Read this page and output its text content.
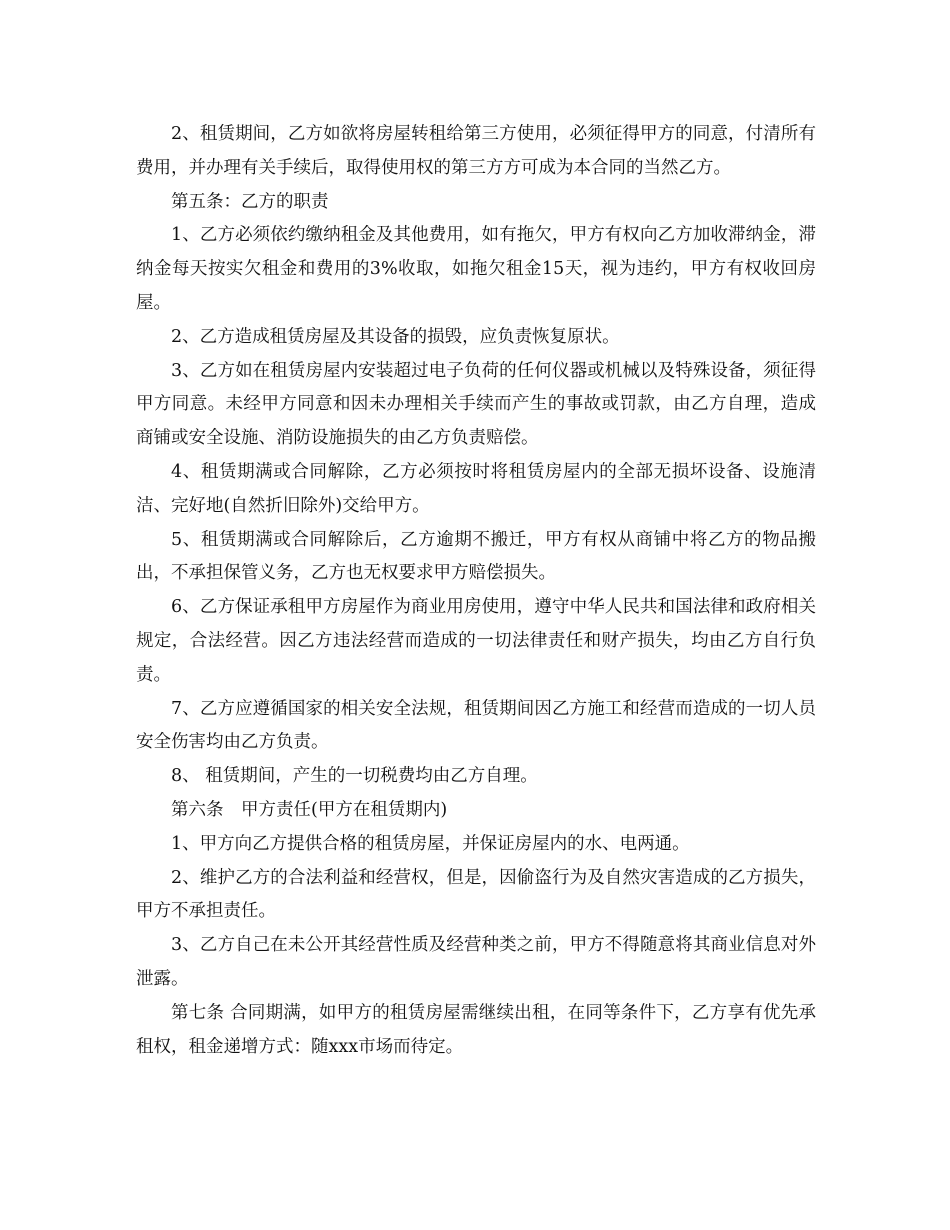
2、租赁期间，乙方如欲将房屋转租给第三方使用，必须征得甲方的同意，付清所有费用，并办理有关手续后，取得使用权的第三方方可成为本合同的当然乙方。

第五条：乙方的职责

1、乙方必须依约缴纳租金及其他费用，如有拖欠，甲方有权向乙方加收滞纳金，滞纳金每天按实欠租金和费用的3%收取，如拖欠租金15天，视为违约，甲方有权收回房屋。

2、乙方造成租赁房屋及其设备的损毁，应负责恢复原状。

3、乙方如在租赁房屋内安装超过电子负荷的任何仪器或机械以及特殊设备，须征得甲方同意。未经甲方同意和因未办理相关手续而产生的事故或罚款，由乙方自理，造成商铺或安全设施、消防设施损失的由乙方负责赔偿。

4、租赁期满或合同解除，乙方必须按时将租赁房屋内的全部无损坏设备、设施清洁、完好地(自然折旧除外)交给甲方。

5、租赁期满或合同解除后，乙方逾期不搬迁，甲方有权从商铺中将乙方的物品搬出，不承担保管义务，乙方也无权要求甲方赔偿损失。

6、乙方保证承租甲方房屋作为商业用房使用，遵守中华人民共和国法律和政府相关规定，合法经营。因乙方违法经营而造成的一切法律责任和财产损失，均由乙方自行负责。

7、乙方应遵循国家的相关安全法规，租赁期间因乙方施工和经营而造成的一切人员安全伤害均由乙方负责。

8、 租赁期间，产生的一切税费均由乙方自理。

第六条　甲方责任(甲方在租赁期内)

1、甲方向乙方提供合格的租赁房屋，并保证房屋内的水、电两通。

2、维护乙方的合法利益和经营权，但是，因偷盗行为及自然灾害造成的乙方损失，甲方不承担责任。

3、乙方自己在未公开其经营性质及经营种类之前，甲方不得随意将其商业信息对外泄露。

第七条 合同期满，如甲方的租赁房屋需继续出租，在同等条件下，乙方享有优先承租权，租金递增方式：随xxx市场而待定。
